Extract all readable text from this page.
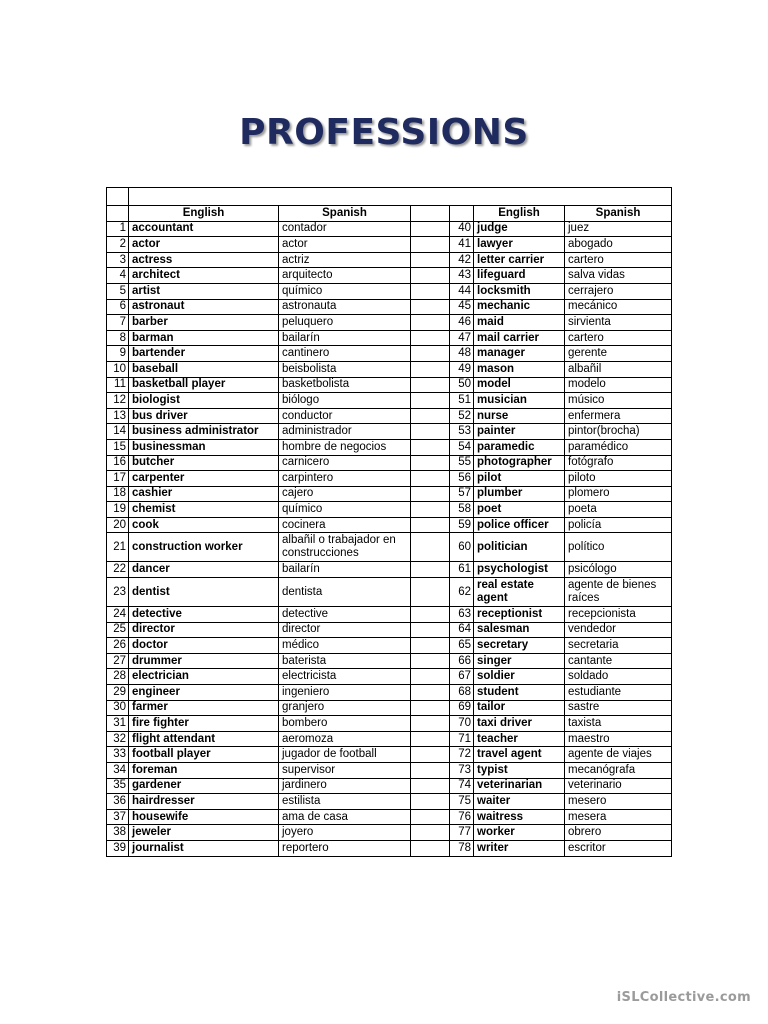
PROFESSIONS

	English	Spanish			English	Spanish
1	accountant	contador		40	judge	juez
2	actor	actor		41	lawyer	abogado
3	actress	actriz		42	letter carrier	cartero
4	architect	arquitecto		43	lifeguard	salva vidas
5	artist	químico		44	locksmith	cerrajero
6	astronaut	astronauta		45	mechanic	mecánico
7	barber	peluquero		46	maid	sirvienta
8	barman	bailarín		47	mail carrier	cartero
9	bartender	cantinero		48	manager	gerente
10	baseball	beisbolista		49	mason	albañil
11	basketball player	basketbolista		50	model	modelo
12	biologist	biólogo		51	musician	músico
13	bus driver	conductor		52	nurse	enfermera
14	business administrator	administrador		53	painter	pintor(brocha)
15	businessman	hombre de negocios		54	paramedic	paramédico
16	butcher	carnicero		55	photographer	fotógrafo
17	carpenter	carpintero		56	pilot	piloto
18	cashier	cajero		57	plumber	plomero
19	chemist	químico		58	poet	poeta
20	cook	cocinera		59	police officer	policía
21	construction worker	albañil o trabajador en construcciones		60	politician	político
22	dancer	bailarín		61	psychologist	psicólogo
23	dentist	dentista		62	real estate agent	agente de bienes raíces
24	detective	detective		63	receptionist	recepcionista
25	director	director		64	salesman	vendedor
26	doctor	médico		65	secretary	secretaria
27	drummer	baterista		66	singer	cantante
28	electrician	electricista		67	soldier	soldado
29	engineer	ingeniero		68	student	estudiante
30	farmer	granjero		69	tailor	sastre
31	fire fighter	bombero		70	taxi driver	taxista
32	flight attendant	aeromoza		71	teacher	maestro
33	football player	jugador de football		72	travel agent	agente de viajes
34	foreman	supervisor		73	typist	mecanógrafa
35	gardener	jardinero		74	veterinarian	veterinario
36	hairdresser	estilista		75	waiter	mesero
37	housewife	ama de casa		76	waitress	mesera
38	jeweler	joyero		77	worker	obrero
39	journalist	reportero		78	writer	escritor
iSLCollective.com
